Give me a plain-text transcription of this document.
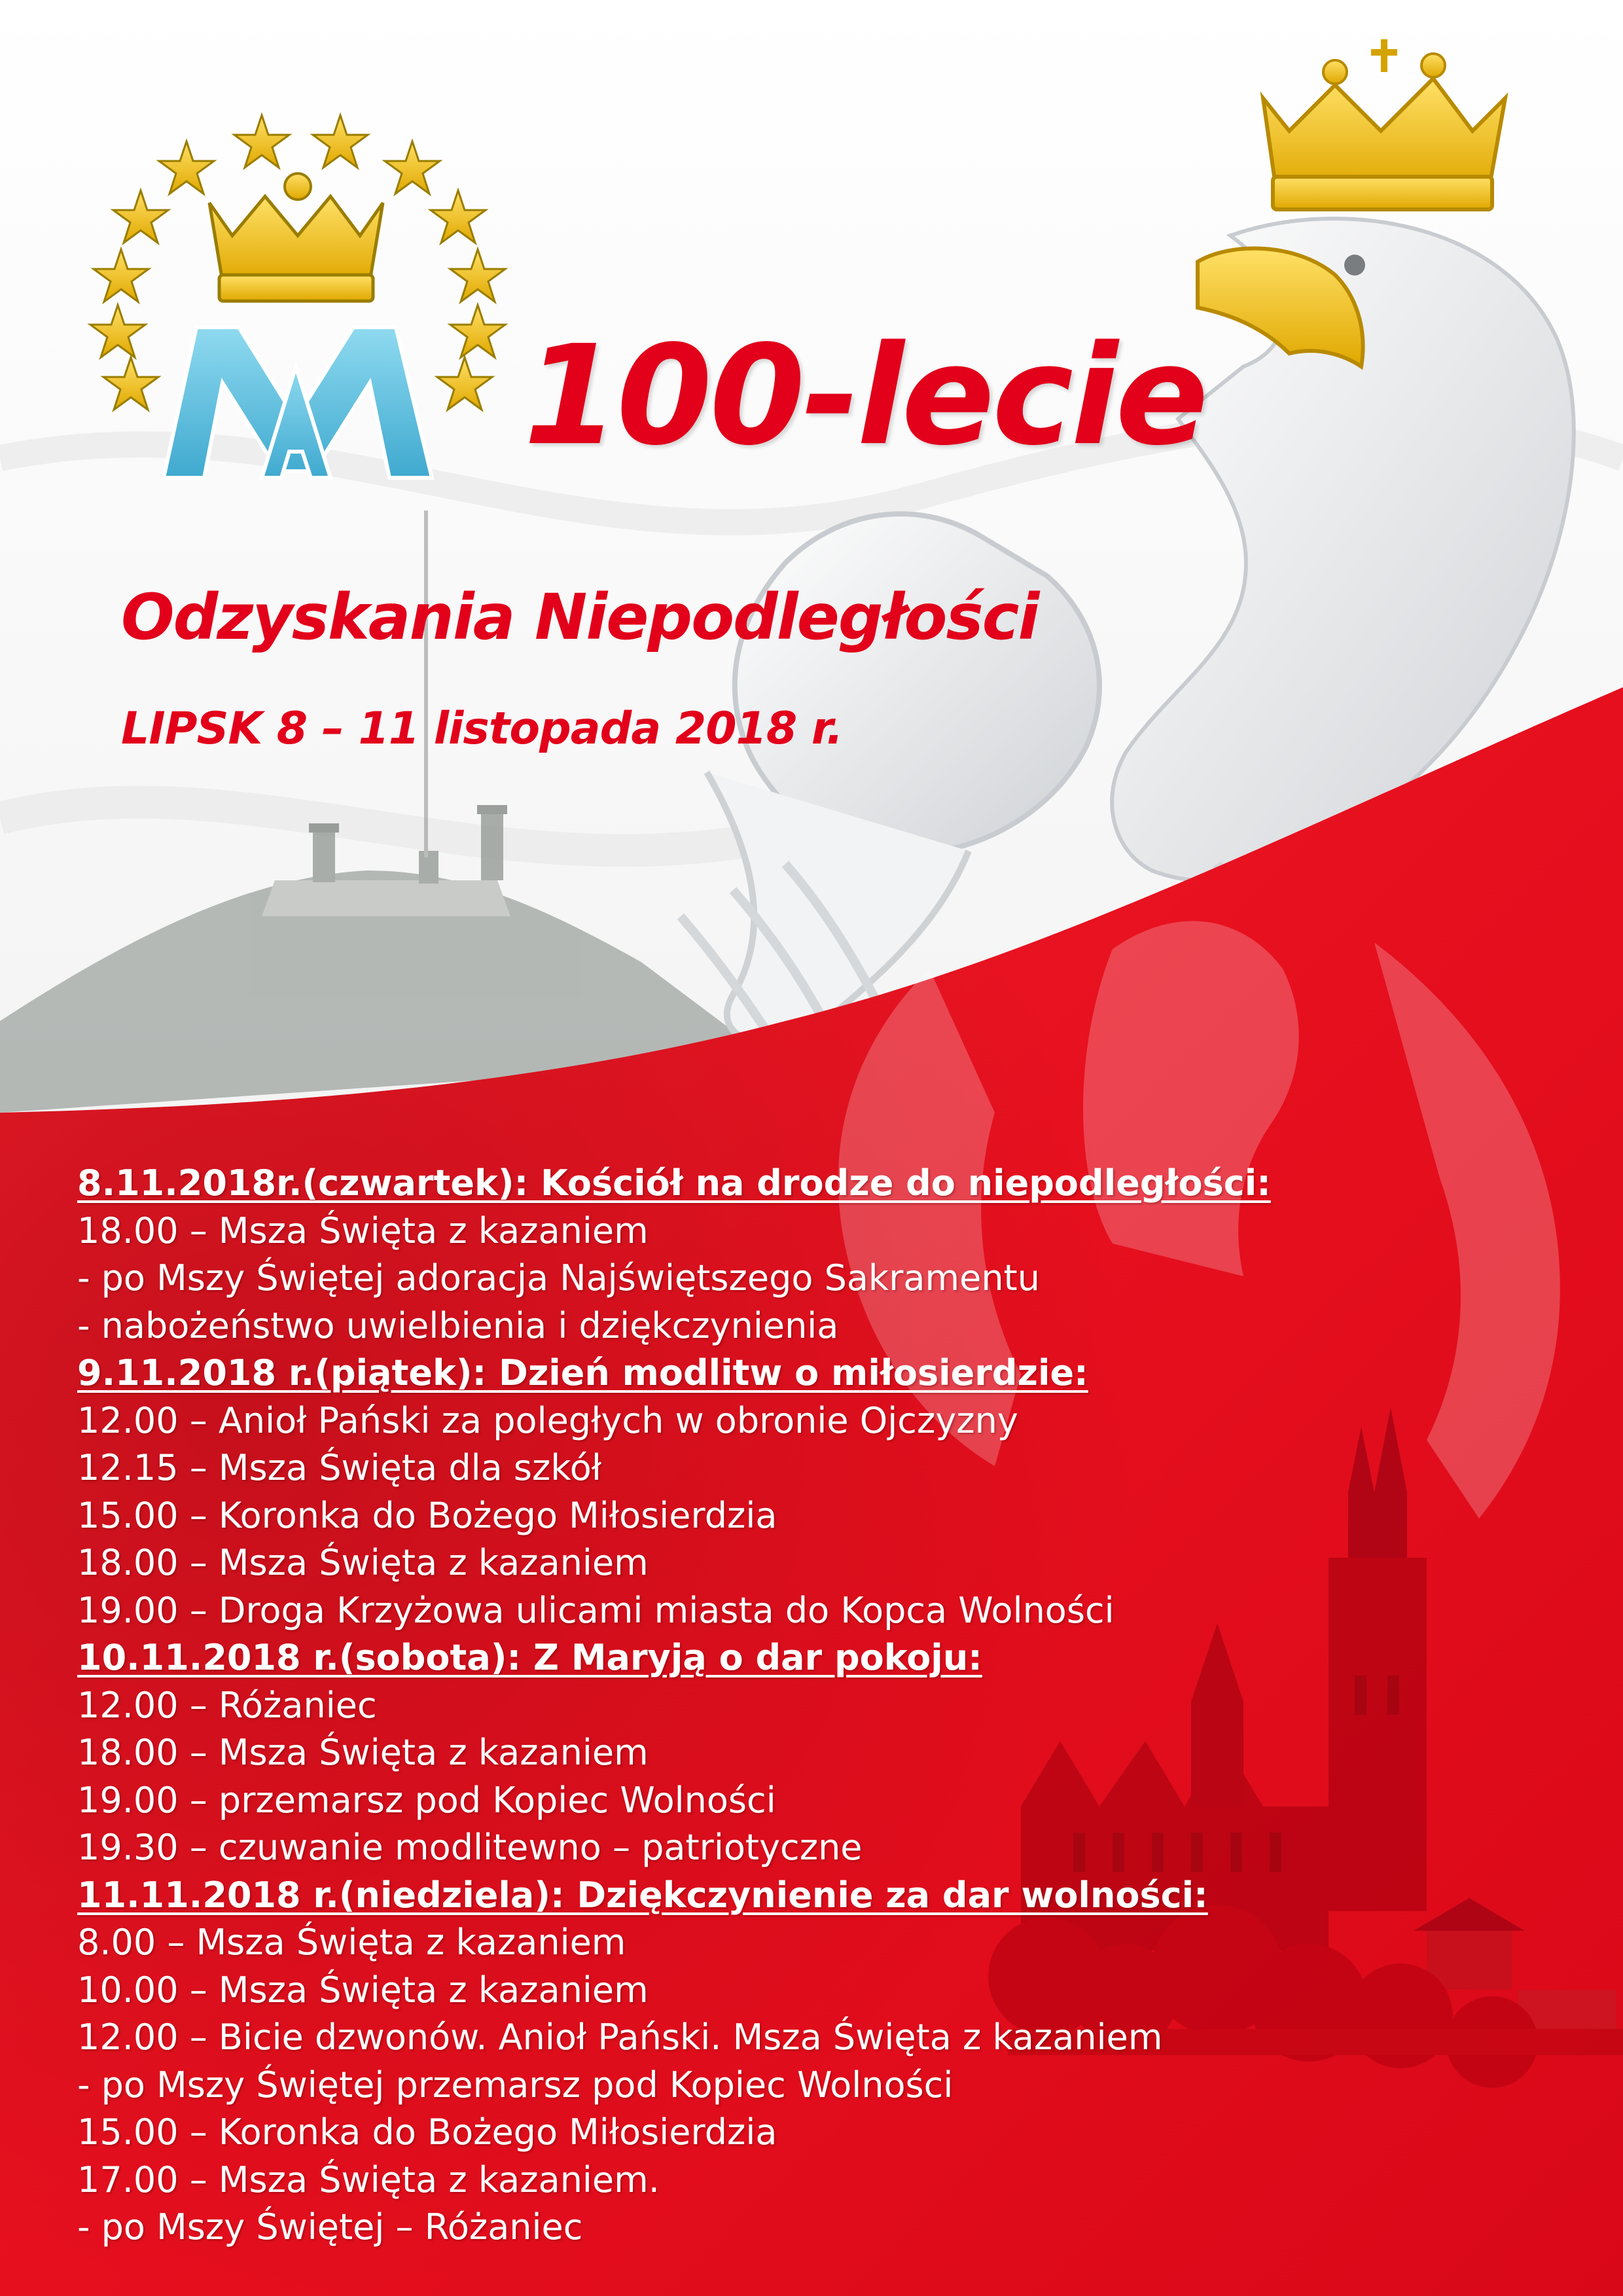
100-lecie
Odzyskania Niepodległości
LIPSK 8 – 11 listopada 2018 r.
8.11.2018r.(czwartek): Kościół na drodze do niepodległości:
18.00 – Msza Święta z kazaniem
- po Mszy Świętej adoracja Najświętszego Sakramentu
- nabożeństwo uwielbienia i dziękczynienia
9.11.2018 r.(piątek): Dzień modlitw o miłosierdzie:
12.00 – Anioł Pański za poległych w obronie Ojczyzny
12.15 – Msza Święta dla szkół
15.00 – Koronka do Bożego Miłosierdzia
18.00 – Msza Święta z kazaniem
19.00 – Droga Krzyżowa ulicami miasta do Kopca Wolności
10.11.2018 r.(sobota): Z Maryją o dar pokoju:
12.00 – Różaniec
18.00 – Msza Święta z kazaniem
19.00 – przemarsz pod Kopiec Wolności
19.30 – czuwanie modlitewno – patriotyczne
11.11.2018 r.(niedziela): Dziękczynienie za dar wolności:
8.00 – Msza Święta z kazaniem
10.00 – Msza Święta z kazaniem
12.00 – Bicie dzwonów. Anioł Pański. Msza Święta z kazaniem
- po Mszy Świętej przemarsz pod Kopiec Wolności
15.00 – Koronka do Bożego Miłosierdzia
17.00 – Msza Święta z kazaniem.
- po Mszy Świętej – Różaniec
